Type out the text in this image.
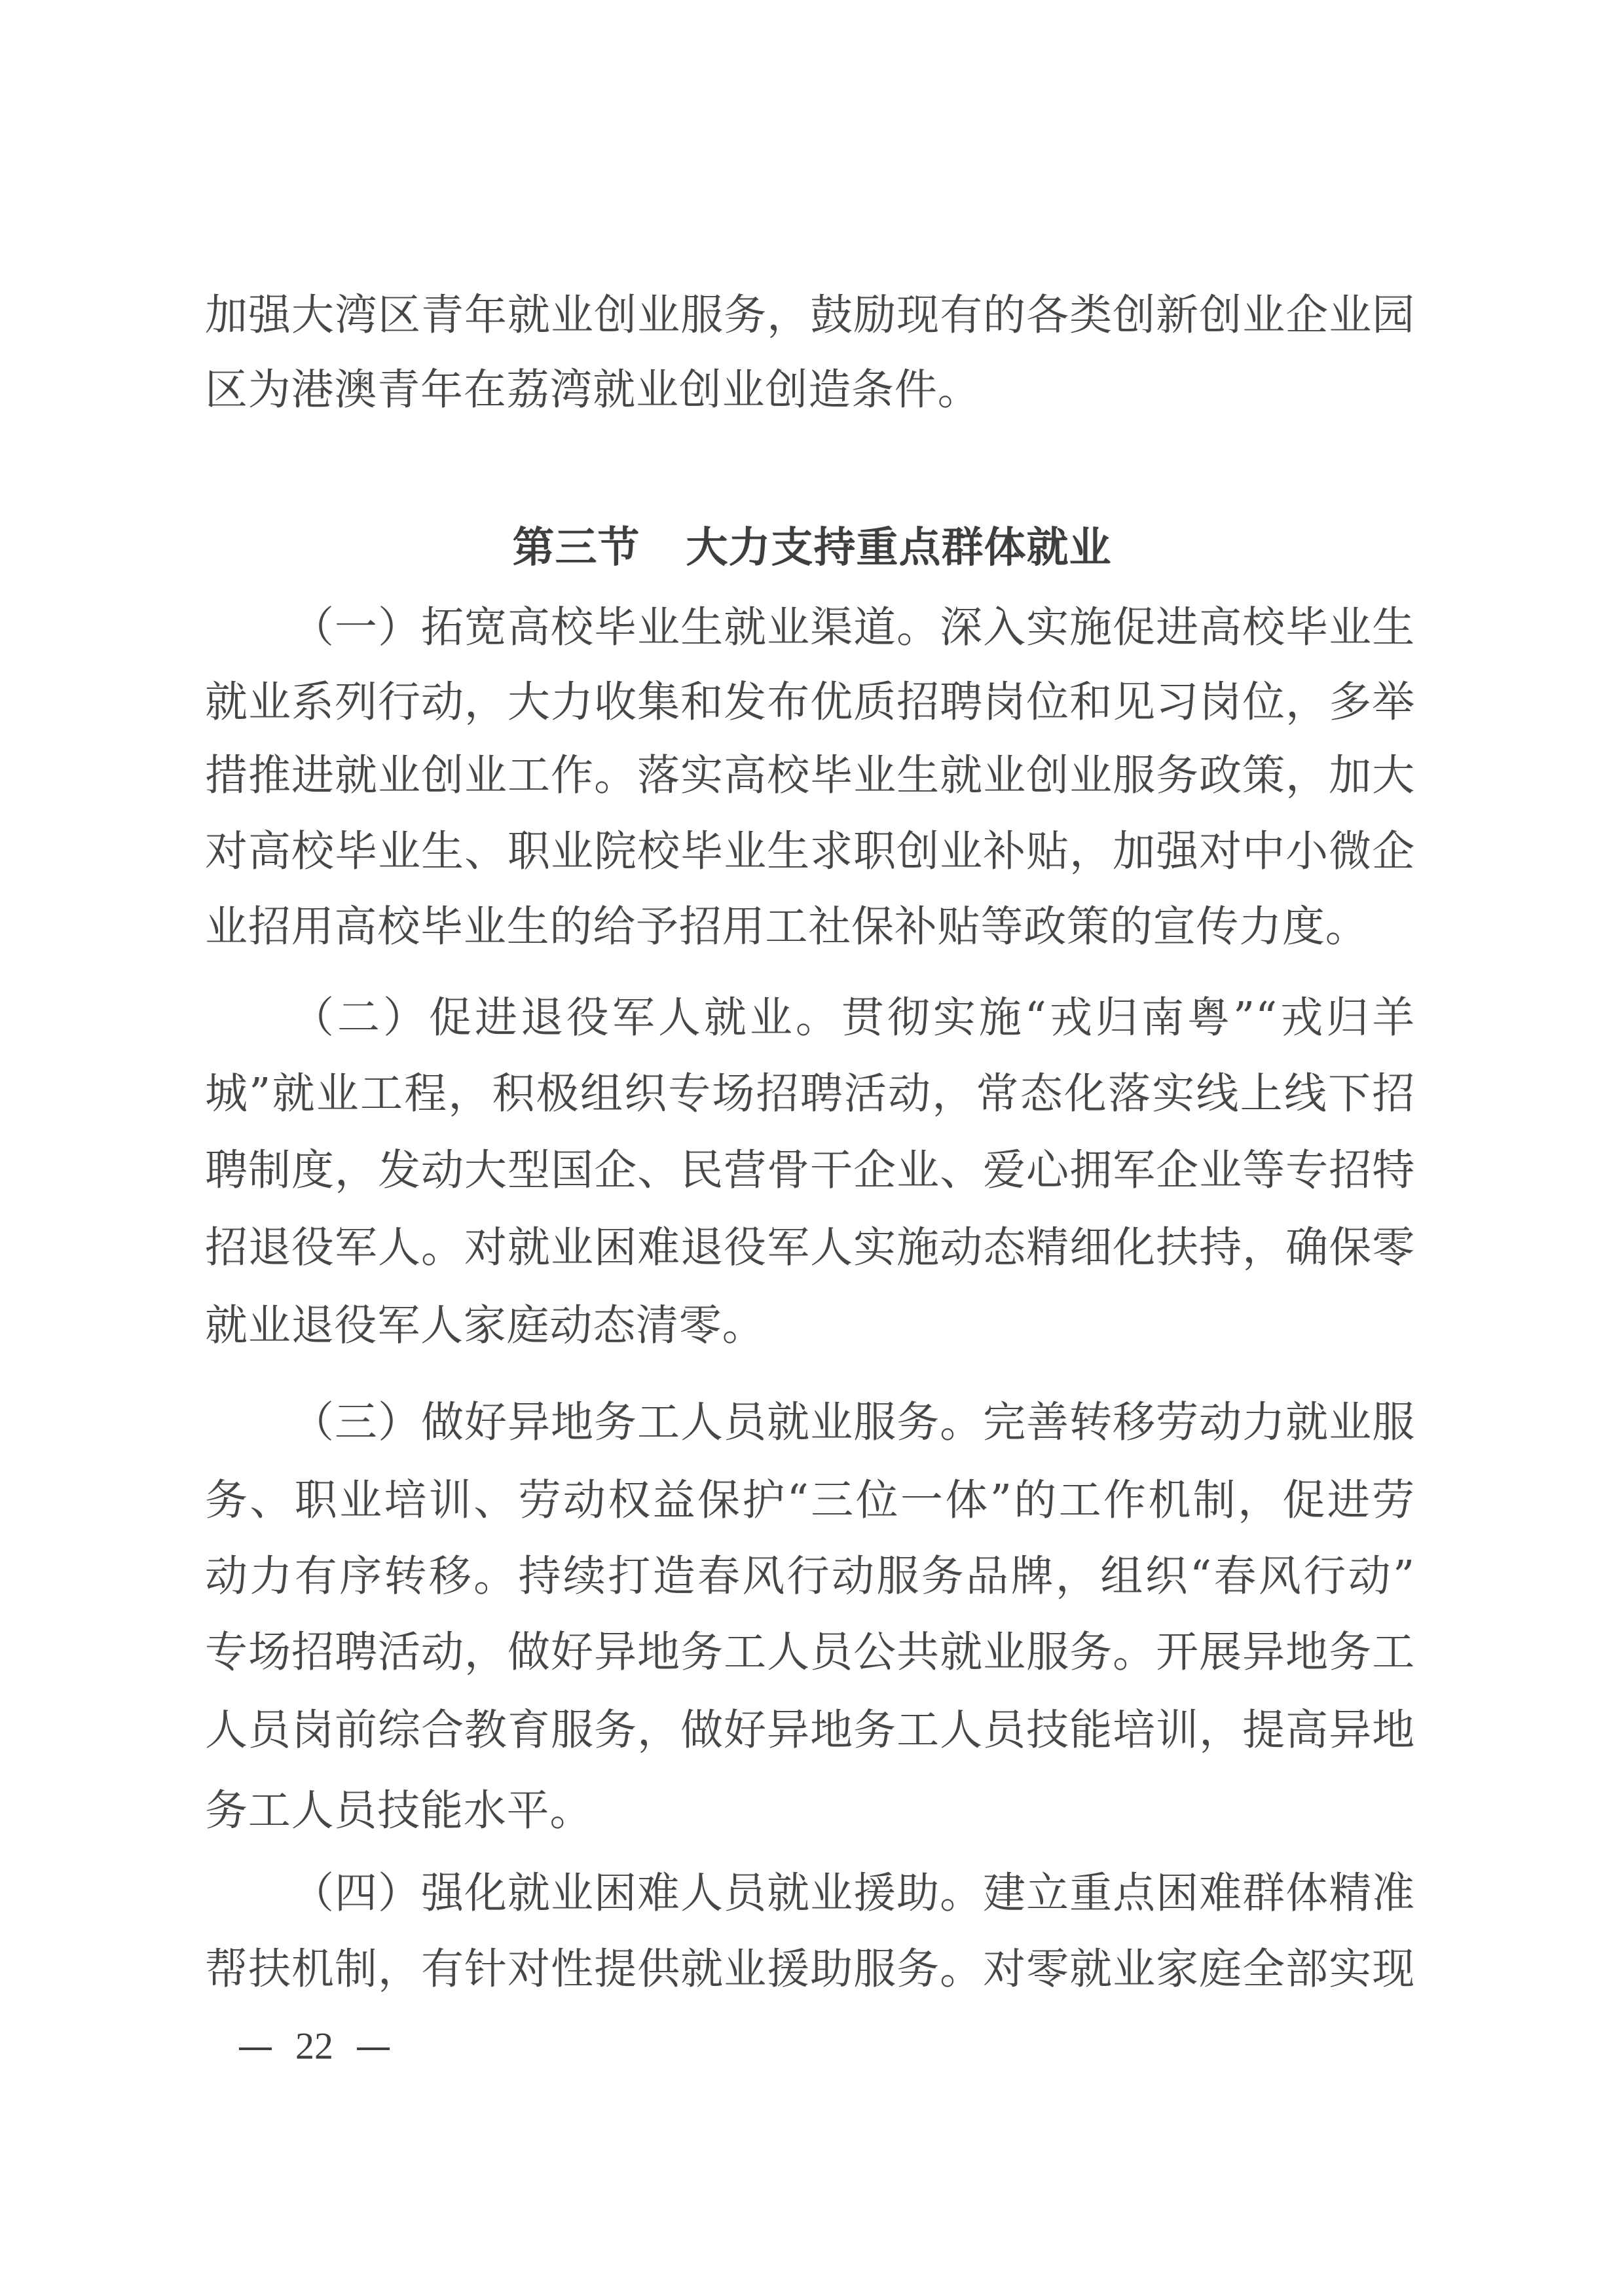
加强大湾区青年就业创业服务，鼓励现有的各类创新创业企业园
区为港澳青年在荔湾就业创业创造条件。
第三节 大力支持重点群体就业
（一）拓宽高校毕业生就业渠道。深入实施促进高校毕业生
就业系列行动，大力收集和发布优质招聘岗位和见习岗位，多举
措推进就业创业工作。落实高校毕业生就业创业服务政策，加大
对高校毕业生、职业院校毕业生求职创业补贴，加强对中小微企
业招用高校毕业生的给予招用工社保补贴等政策的宣传力度。
（二）促进退役军人就业。贯彻实施“戎归南粤”“戎归羊
城”就业工程，积极组织专场招聘活动，常态化落实线上线下招
聘制度，发动大型国企、民营骨干企业、爱心拥军企业等专招特
招退役军人。对就业困难退役军人实施动态精细化扶持，确保零
就业退役军人家庭动态清零。
（三）做好异地务工人员就业服务。完善转移劳动力就业服
务、职业培训、劳动权益保护“三位一体”的工作机制，促进劳
动力有序转移。持续打造春风行动服务品牌，组织“春风行动”
专场招聘活动，做好异地务工人员公共就业服务。开展异地务工
人员岗前综合教育服务，做好异地务工人员技能培训，提高异地
务工人员技能水平。
（四）强化就业困难人员就业援助。建立重点困难群体精准
帮扶机制，有针对性提供就业援助服务。对零就业家庭全部实现
22
